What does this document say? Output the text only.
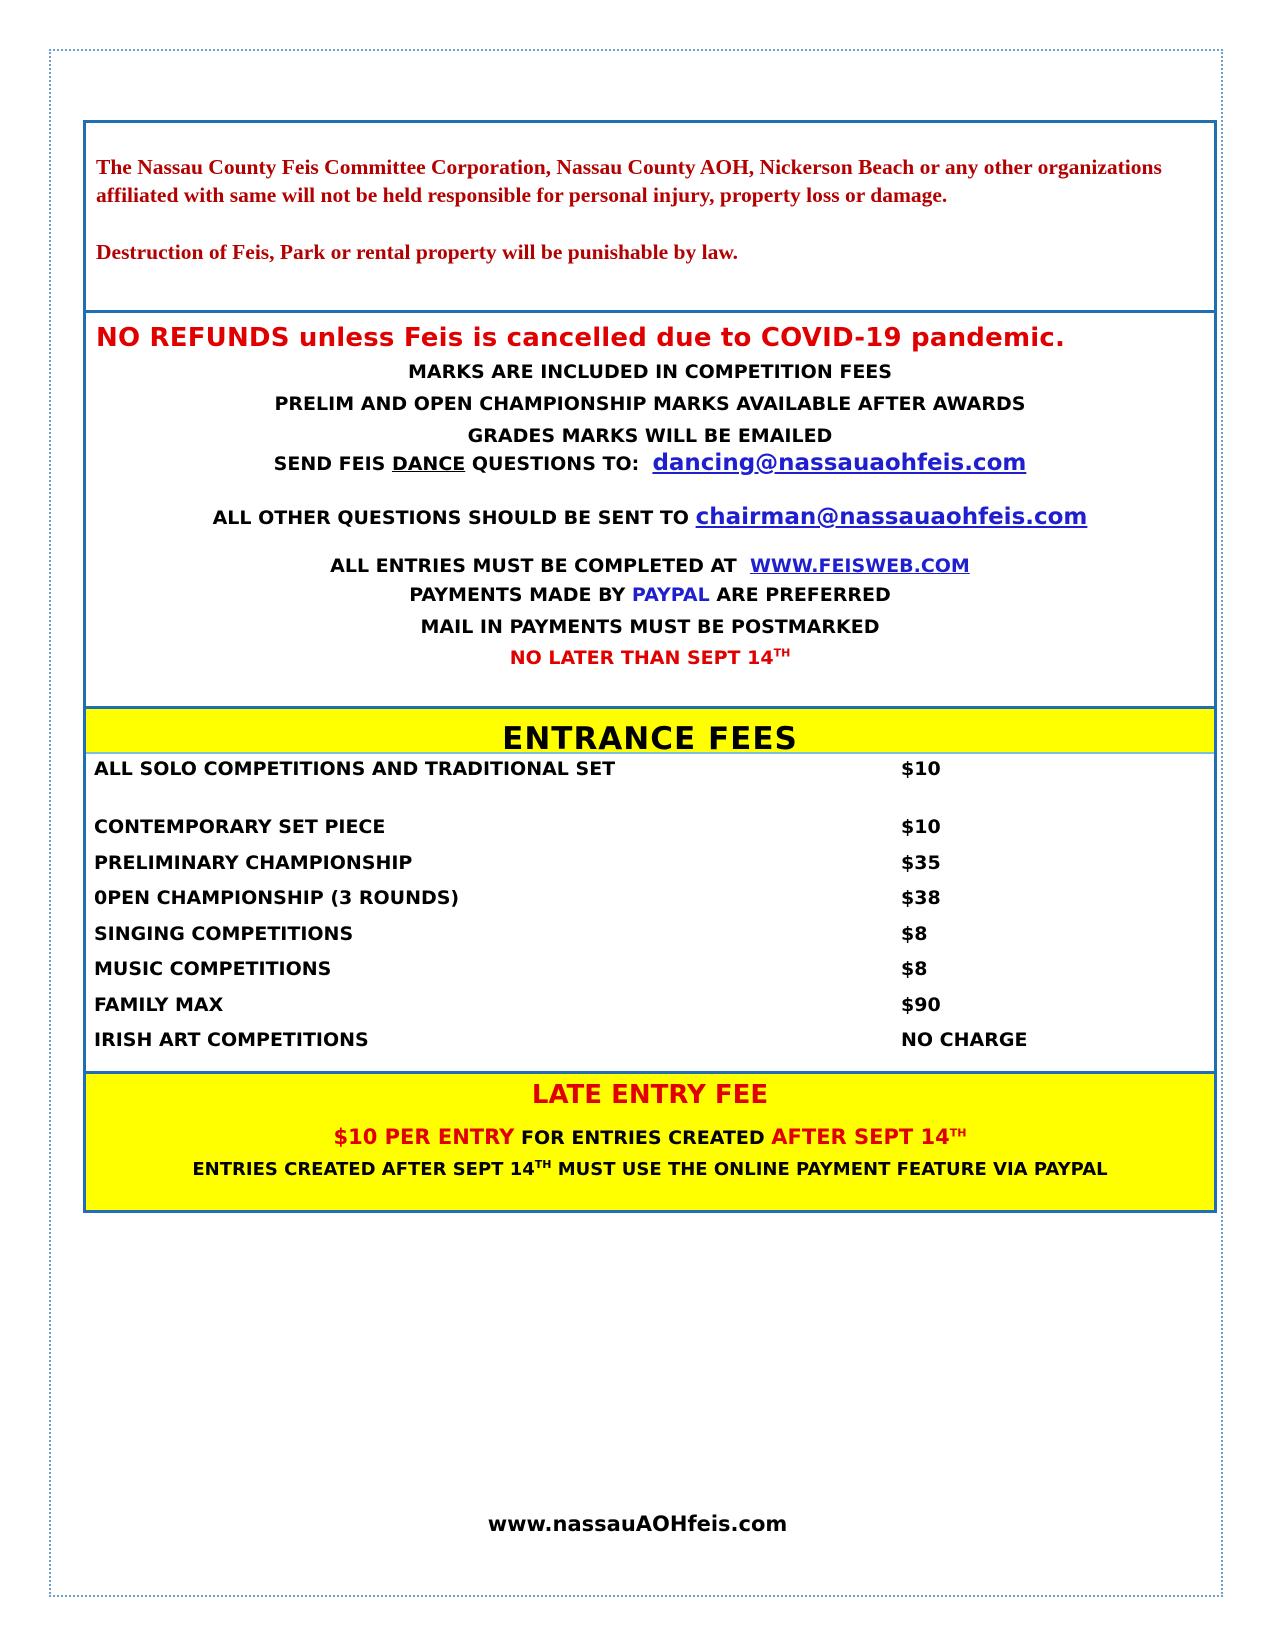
The Nassau County Feis Committee Corporation, Nassau County AOH, Nickerson Beach or any other organizations affiliated with same will not be held responsible for personal injury, property loss or damage.

Destruction of Feis, Park or rental property will be punishable by law.

NO REFUNDS unless Feis is cancelled due to COVID-19 pandemic.
MARKS ARE INCLUDED IN COMPETITION FEES
PRELIM AND OPEN CHAMPIONSHIP MARKS AVAILABLE AFTER AWARDS
GRADES MARKS WILL BE EMAILED
SEND FEIS DANCE QUESTIONS TO: dancing@nassauaohfeis.com
ALL OTHER QUESTIONS SHOULD BE SENT TO chairman@nassauaohfeis.com
ALL ENTRIES MUST BE COMPLETED AT WWW.FEISWEB.COM
PAYMENTS MADE BY PAYPAL ARE PREFERRED
MAIL IN PAYMENTS MUST BE POSTMARKED
NO LATER THAN SEPT 14TH
ENTRANCE FEES
ALL SOLO COMPETITIONS AND TRADITIONAL SET	$10
CONTEMPORARY SET PIECE	$10
PRELIMINARY CHAMPIONSHIP	$35
0PEN CHAMPIONSHIP (3 ROUNDS)	$38
SINGING COMPETITIONS	$8
MUSIC COMPETITIONS	$8
FAMILY MAX	$90
IRISH ART COMPETITIONS	NO CHARGE
LATE ENTRY FEE
$10 PER ENTRY FOR ENTRIES CREATED AFTER SEPT 14TH
ENTRIES CREATED AFTER SEPT 14TH MUST USE THE ONLINE PAYMENT FEATURE VIA PAYPAL
www.nassauAOHfeis.com
